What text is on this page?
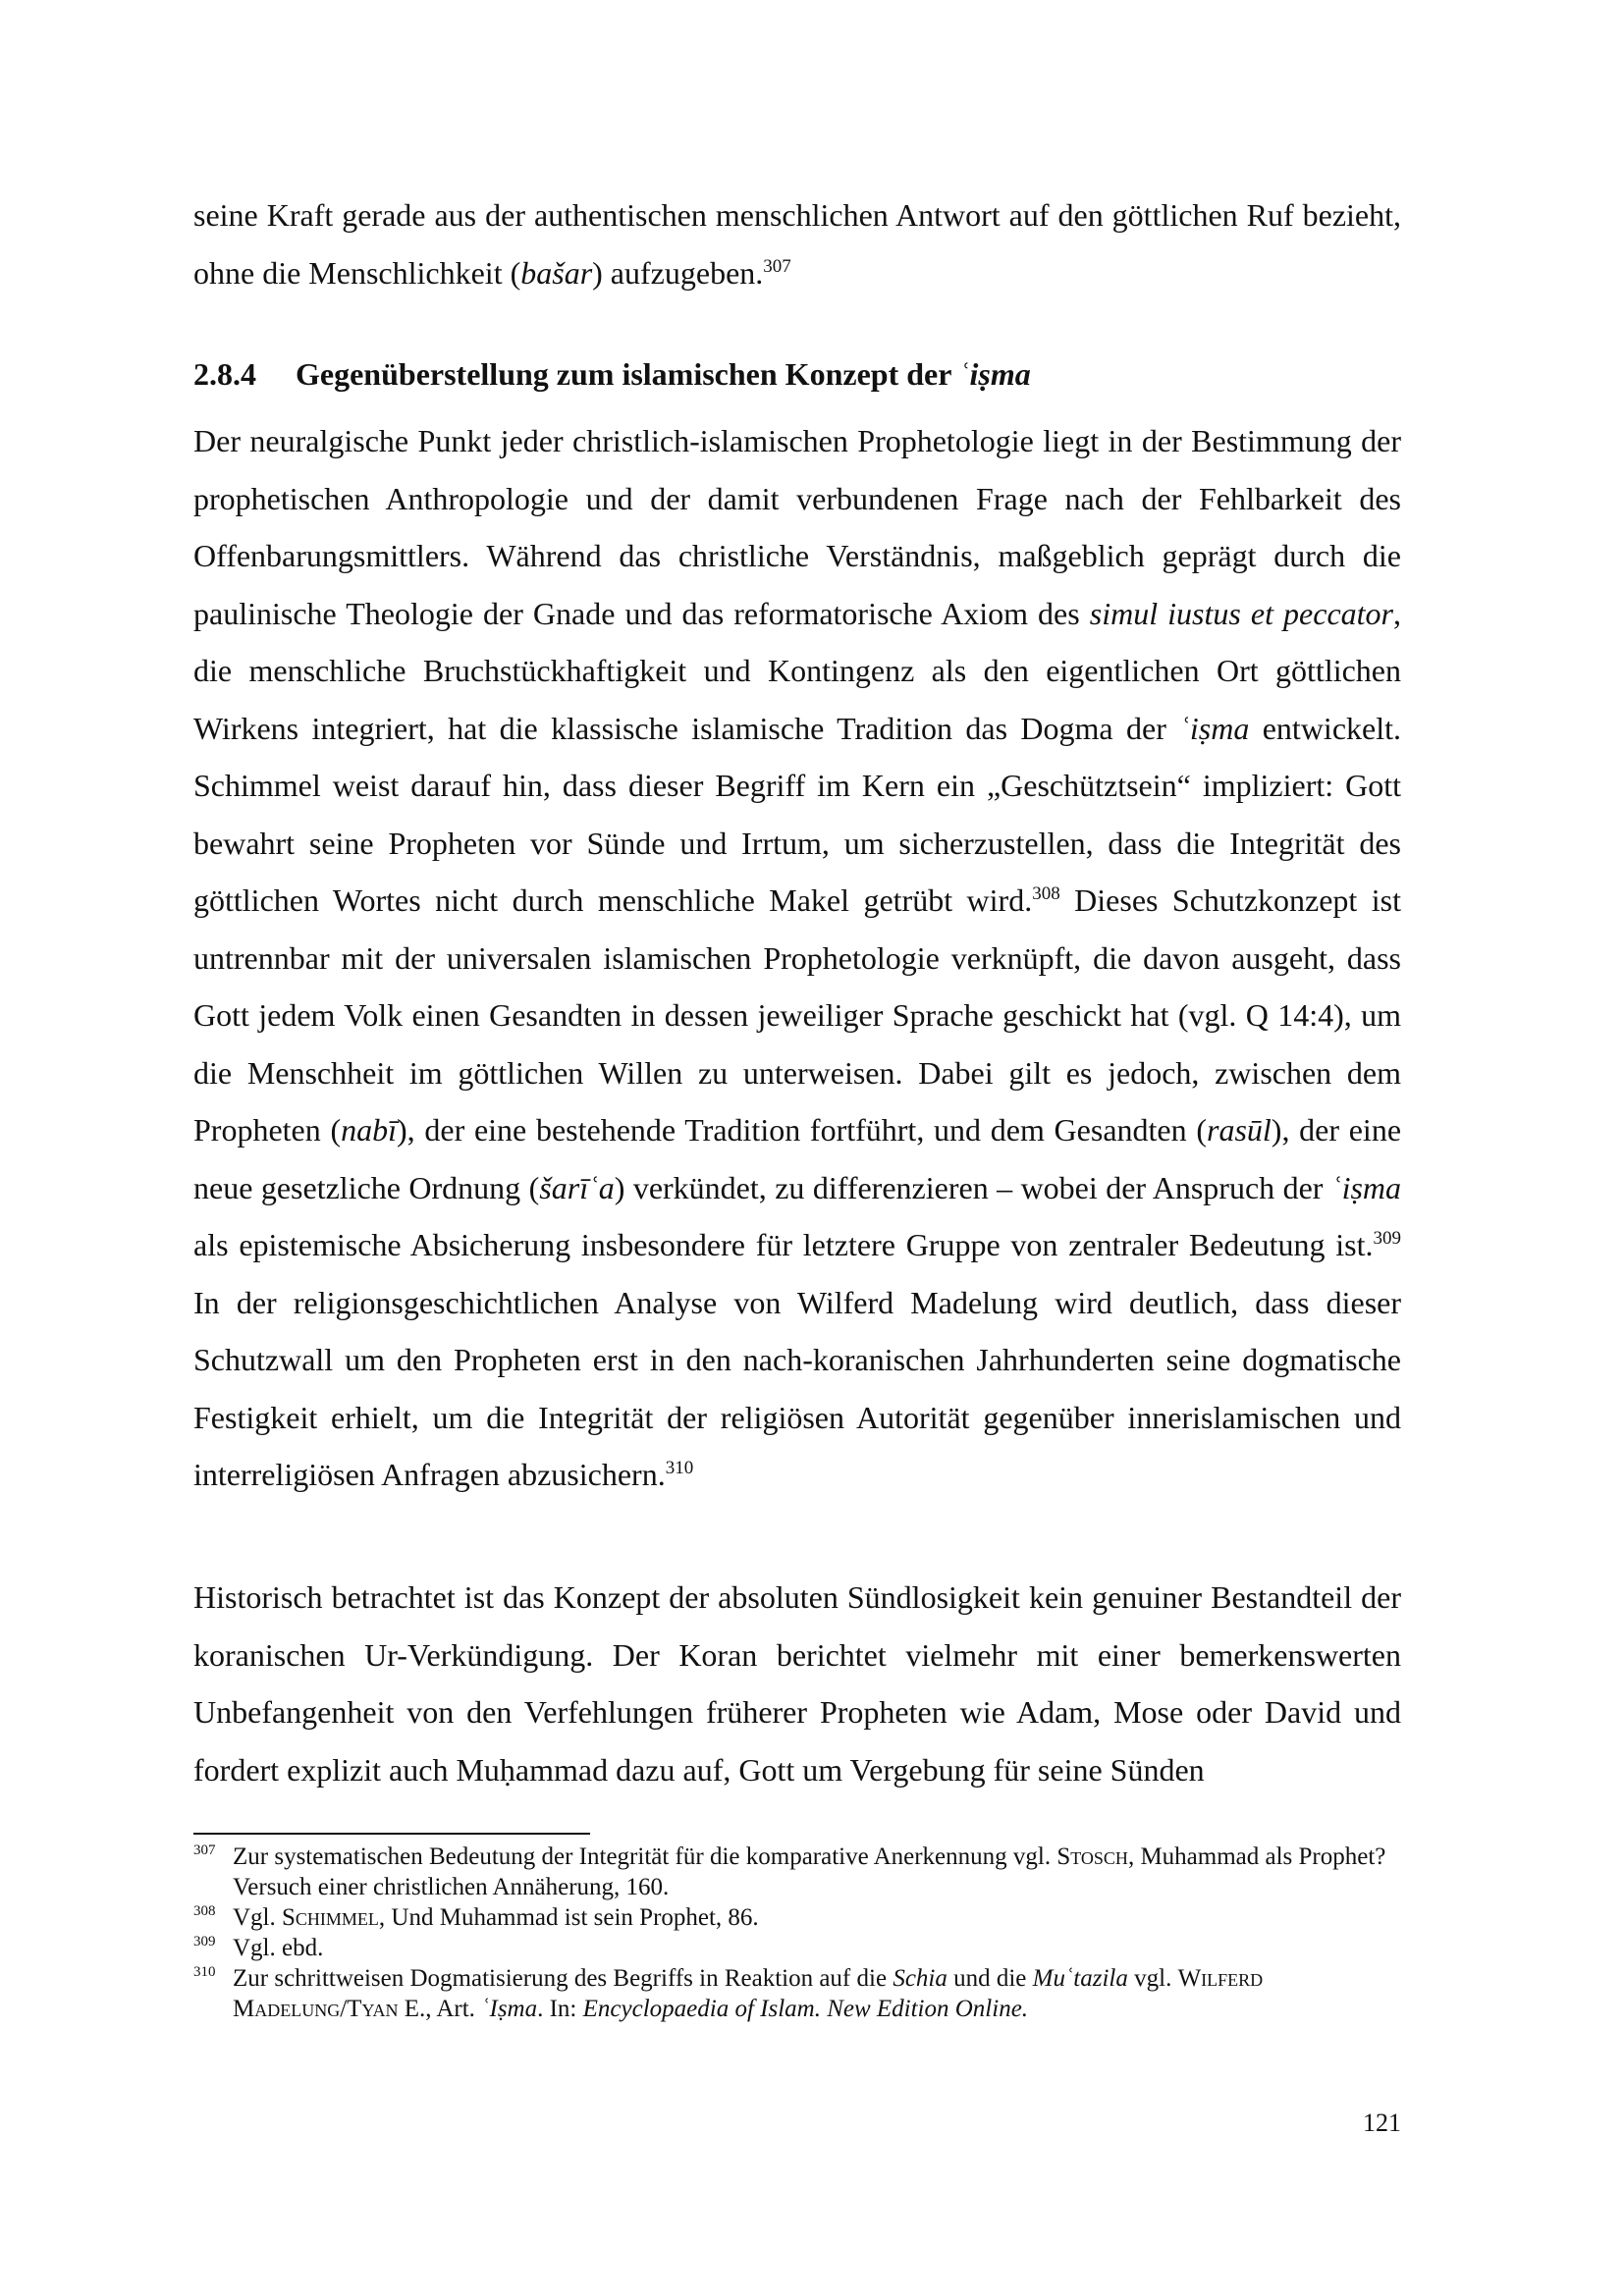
seine Kraft gerade aus der authentischen menschlichen Antwort auf den göttlichen Ruf bezieht, ohne die Menschlichkeit (bašar) aufzugeben.$^{307}$

2.8.4 Gegenüberstellung zum islamischen Konzept der ʿiṣma

Der neuralgische Punkt jeder christlich-islamischen Prophetologie liegt in der Bestimmung der prophetischen Anthropologie und der damit verbundenen Frage nach der Fehlbarkeit des Offenbarungsmittlers. Während das christliche Verständnis, maßgeblich geprägt durch die paulinische Theologie der Gnade und das reformatorische Axiom des simul iustus et peccator, die menschliche Bruchstückhaftigkeit und Kontingenz als den eigentlichen Ort göttlichen Wirkens integriert, hat die klassische islamische Tradition das Dogma der ʿiṣma entwickelt. Schimmel weist darauf hin, dass dieser Begriff im Kern ein „Geschütztsein“ impliziert: Gott bewahrt seine Propheten vor Sünde und Irrtum, um sicherzustellen, dass die Integrität des göttlichen Wortes nicht durch menschliche Makel getrübt wird.$^{308}$ Dieses Schutzkonzept ist untrennbar mit der universalen islamischen Prophetologie verknüpft, die davon ausgeht, dass Gott jedem Volk einen Gesandten in dessen jeweiliger Sprache geschickt hat (vgl. Q 14:4), um die Menschheit im göttlichen Willen zu unterweisen. Dabei gilt es jedoch, zwischen dem Propheten (nabī), der eine bestehende Tradition fortführt, und dem Gesandten (rasūl), der eine neue gesetzliche Ordnung (šarīʿa) verkündet, zu differenzieren – wobei der Anspruch der ʿiṣma als epistemische Absicherung insbesondere für letztere Gruppe von zentraler Bedeutung ist.$^{309}$ In der religionsgeschichtlichen Analyse von Wilferd Madelung wird deutlich, dass dieser Schutzwall um den Propheten erst in den nach-koranischen Jahrhunderten seine dogmatische Festigkeit erhielt, um die Integrität der religiösen Autorität gegenüber innerislamischen und interreligiösen Anfragen abzusichern.$^{310}$

Historisch betrachtet ist das Konzept der absoluten Sündlosigkeit kein genuiner Bestandteil der koranischen Ur-Verkündigung. Der Koran berichtet vielmehr mit einer bemerkenswerten Unbefangenheit von den Verfehlungen früherer Propheten wie Adam, Mose oder David und fordert explizit auch Muḥammad dazu auf, Gott um Vergebung für seine Sünden

307 Zur systematischen Bedeutung der Integrität für die komparative Anerkennung vgl. Stosch, Muhammad als Prophet? Versuch einer christlichen Annäherung, 160.
308 Vgl. Schimmel, Und Muhammad ist sein Prophet, 86.
309 Vgl. ebd.
310 Zur schrittweisen Dogmatisierung des Begriffs in Reaktion auf die Schia und die Muʿtazila vgl. Wilferd Madelung/Tyan E., Art. ʿIṣma. In: Encyclopaedia of Islam. New Edition Online.
121
